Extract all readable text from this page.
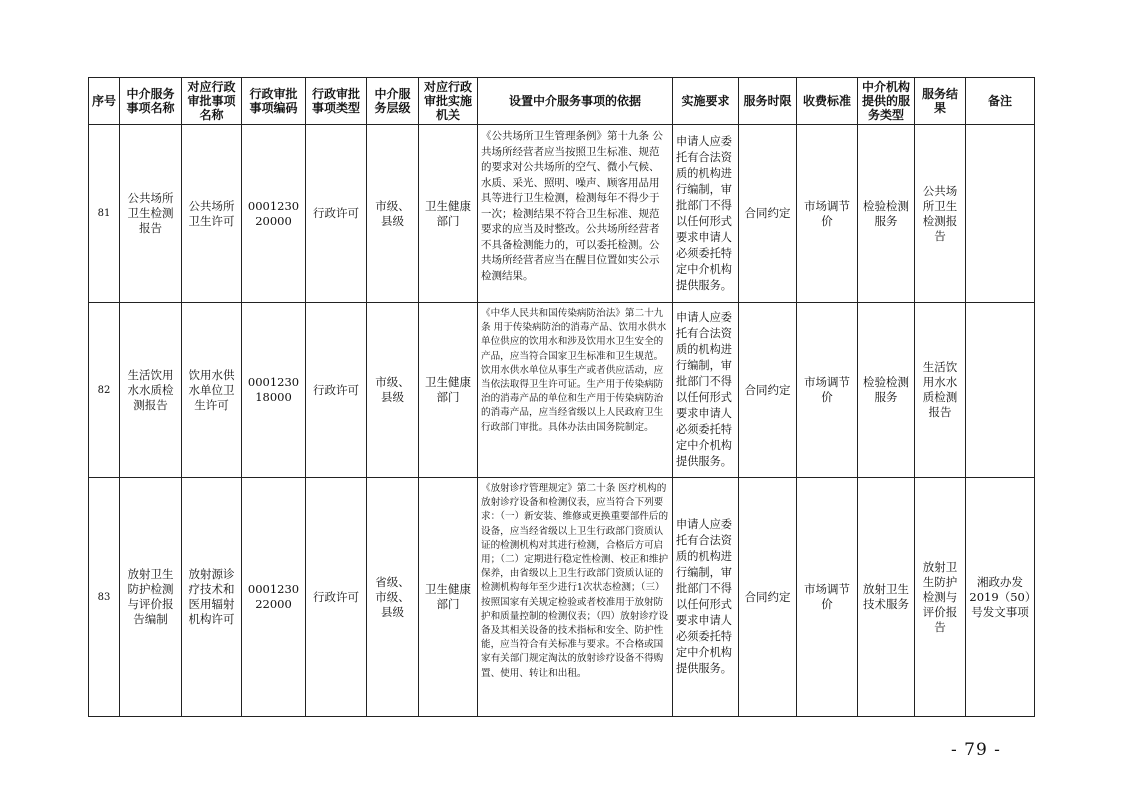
序号	中介服务事项名称	对应行政审批事项名称	行政审批事项编码	行政审批事项类型	中介服务层级	对应行政审批实施机关	设置中介服务事项的依据	实施要求	服务时限	收费标准	中介机构提供的服务类型	服务结果	备注
81	公共场所卫生检测报告	公共场所卫生许可	000123020000	行政许可	市级、县级	卫生健康部门	《公共场所卫生管理条例》第十九条 公共场所经营者应当按照卫生标准、规范的要求对公共场所的空气、微小气候、水质、采光、照明、噪声、顾客用品用具等进行卫生检测，检测每年不得少于一次；检测结果不符合卫生标准、规范要求的应当及时整改。公共场所经营者不具备检测能力的，可以委托检测。公共场所经营者应当在醒目位置如实公示检测结果。	申请人应委托有合法资质的机构进行编制，审批部门不得以任何形式要求申请人必须委托特定中介机构提供服务。	合同约定	市场调节价	检验检测服务	公共场所卫生检测报告	
82	生活饮用水水质检测报告	饮用水供水单位卫生许可	000123018000	行政许可	市级、县级	卫生健康部门	《中华人民共和国传染病防治法》第二十九条 用于传染病防治的消毒产品、饮用水供水单位供应的饮用水和涉及饮用水卫生安全的产品，应当符合国家卫生标准和卫生规范。饮用水供水单位从事生产或者供应活动，应当依法取得卫生许可证。生产用于传染病防治的消毒产品的单位和生产用于传染病防治的消毒产品，应当经省级以上人民政府卫生行政部门审批。具体办法由国务院制定。	申请人应委托有合法资质的机构进行编制，审批部门不得以任何形式要求申请人必须委托特定中介机构提供服务。	合同约定	市场调节价	检验检测服务	生活饮用水水质检测报告	
83	放射卫生防护检测与评价报告编制	放射源诊疗技术和医用辐射机构许可	000123022000	行政许可	省级、市级、县级	卫生健康部门	《放射诊疗管理规定》第二十条 医疗机构的放射诊疗设备和检测仪表，应当符合下列要求：（一）新安装、维修或更换重要部件后的设备，应当经省级以上卫生行政部门资质认证的检测机构对其进行检测，合格后方可启用；（二）定期进行稳定性检测、校正和维护保养，由省级以上卫生行政部门资质认证的检测机构每年至少进行1次状态检测；（三）按照国家有关规定检验或者校准用于放射防护和质量控制的检测仪表；（四）放射诊疗设备及其相关设备的技术指标和安全、防护性能，应当符合有关标准与要求。不合格或国家有关部门规定淘汰的放射诊疗设备不得购置、使用、转让和出租。	申请人应委托有合法资质的机构进行编制，审批部门不得以任何形式要求申请人必须委托特定中介机构提供服务。	合同约定	市场调节价	放射卫生技术服务	放射卫生防护检测与评价报告	湘政办发2019（50）号发文事项
- 79 -
